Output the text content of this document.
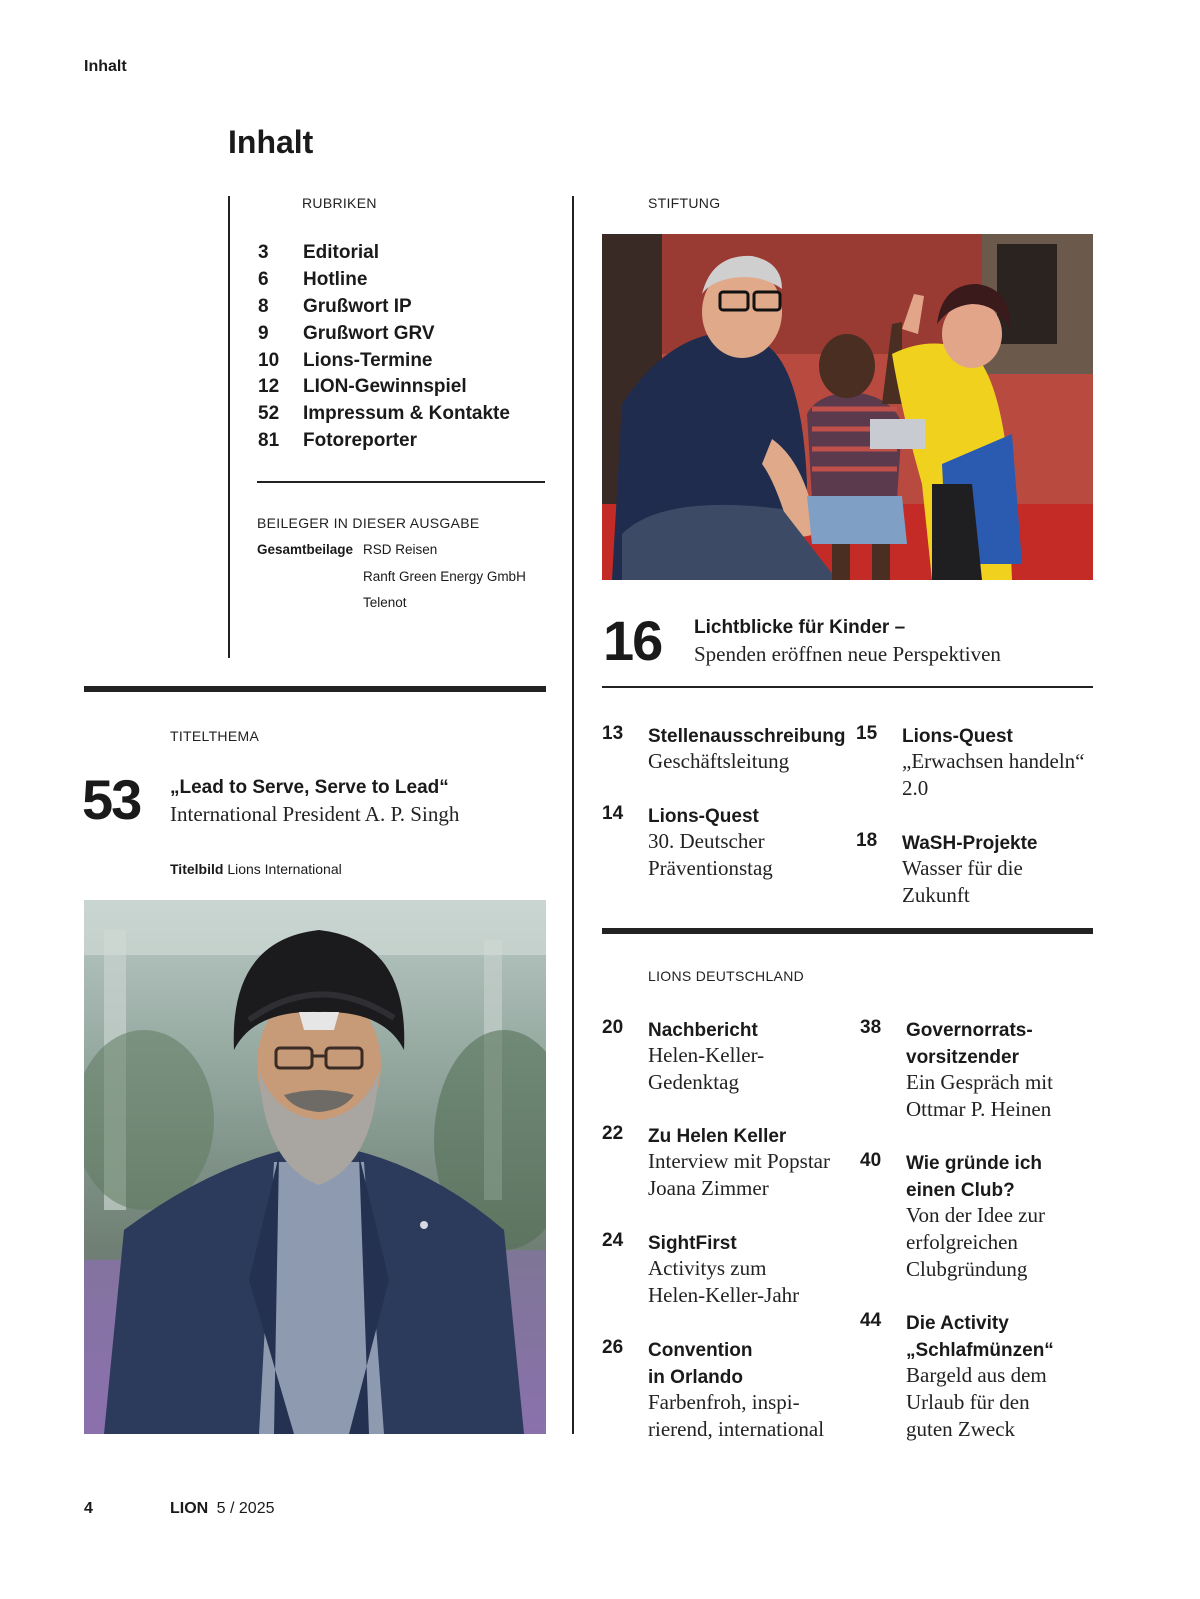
Inhalt
Inhalt
RUBRIKEN
3	Editorial
6	Hotline
8	Grußwort IP
9	Grußwort GRV
10	Lions-Termine
12	LION-Gewinnspiel
52	Impressum & Kontakte
81	Fotoreporter
BEILEGER IN DIESER AUSGABE
Gesamtbeilage RSD Reisen
Ranft Green Energy GmbH
Telenot
TITELTHEMA
53 „Lead to Serve, Serve to Lead“
International President A. P. Singh
Titelbild Lions International
STIFTUNG
16 Lichtblicke für Kinder –
Spenden eröffnen neue Perspektiven
13 Stellenausschreibung
Geschäftsleitung
14 Lions-Quest
30. Deutscher
Präventionstag
15 Lions-Quest
„Erwachsen handeln“
2.0
18 WaSH-Projekte
Wasser für die Zukunft
LIONS DEUTSCHLAND
20 Nachbericht
Helen-Keller-
Gedenktag
22 Zu Helen Keller
Interview mit Popstar
Joana Zimmer
24 SightFirst
Activitys zum
Helen-Keller-Jahr
26 Convention
in Orlando
Farbenfroh, inspi-
rierend, international
38 Governorrats-
vorsitzender
Ein Gespräch mit
Ottmar P. Heinen
40 Wie gründe ich
einen Club?
Von der Idee zur
erfolgreichen
Clubgründung
44 Die Activity
„Schlafmünzen“
Bargeld aus dem
Urlaub für den
guten Zweck
4	LION 5 / 2025
